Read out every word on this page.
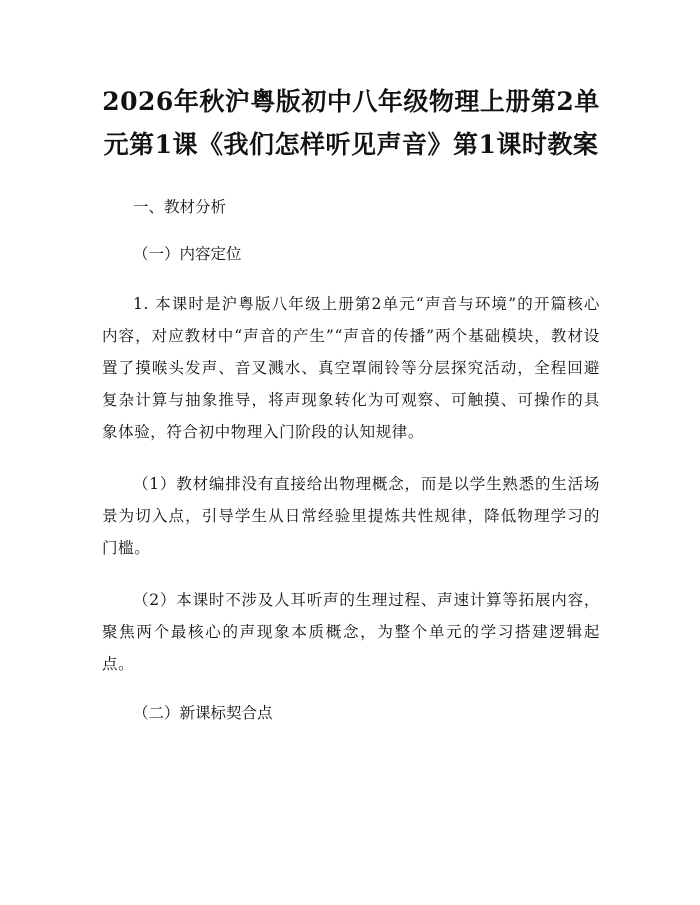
2026年秋沪粤版初中八年级物理上册第2单元第1课《我们怎样听见声音》第1课时教案
一、教材分析
（一）内容定位

1. 本课时是沪粤版八年级上册第2单元“声音与环境”的开篇核心内容，对应教材中“声音的产生”“声音的传播”两个基础模块，教材设置了摸喉头发声、音叉溅水、真空罩闹铃等分层探究活动，全程回避复杂计算与抽象推导，将声现象转化为可观察、可触摸、可操作的具象体验，符合初中物理入门阶段的认知规律。

（1）教材编排没有直接给出物理概念，而是以学生熟悉的生活场景为切入点，引导学生从日常经验里提炼共性规律，降低物理学习的门槛。

（2）本课时不涉及人耳听声的生理过程、声速计算等拓展内容，聚焦两个最核心的声现象本质概念，为整个单元的学习搭建逻辑起点。

（二）新课标契合点
